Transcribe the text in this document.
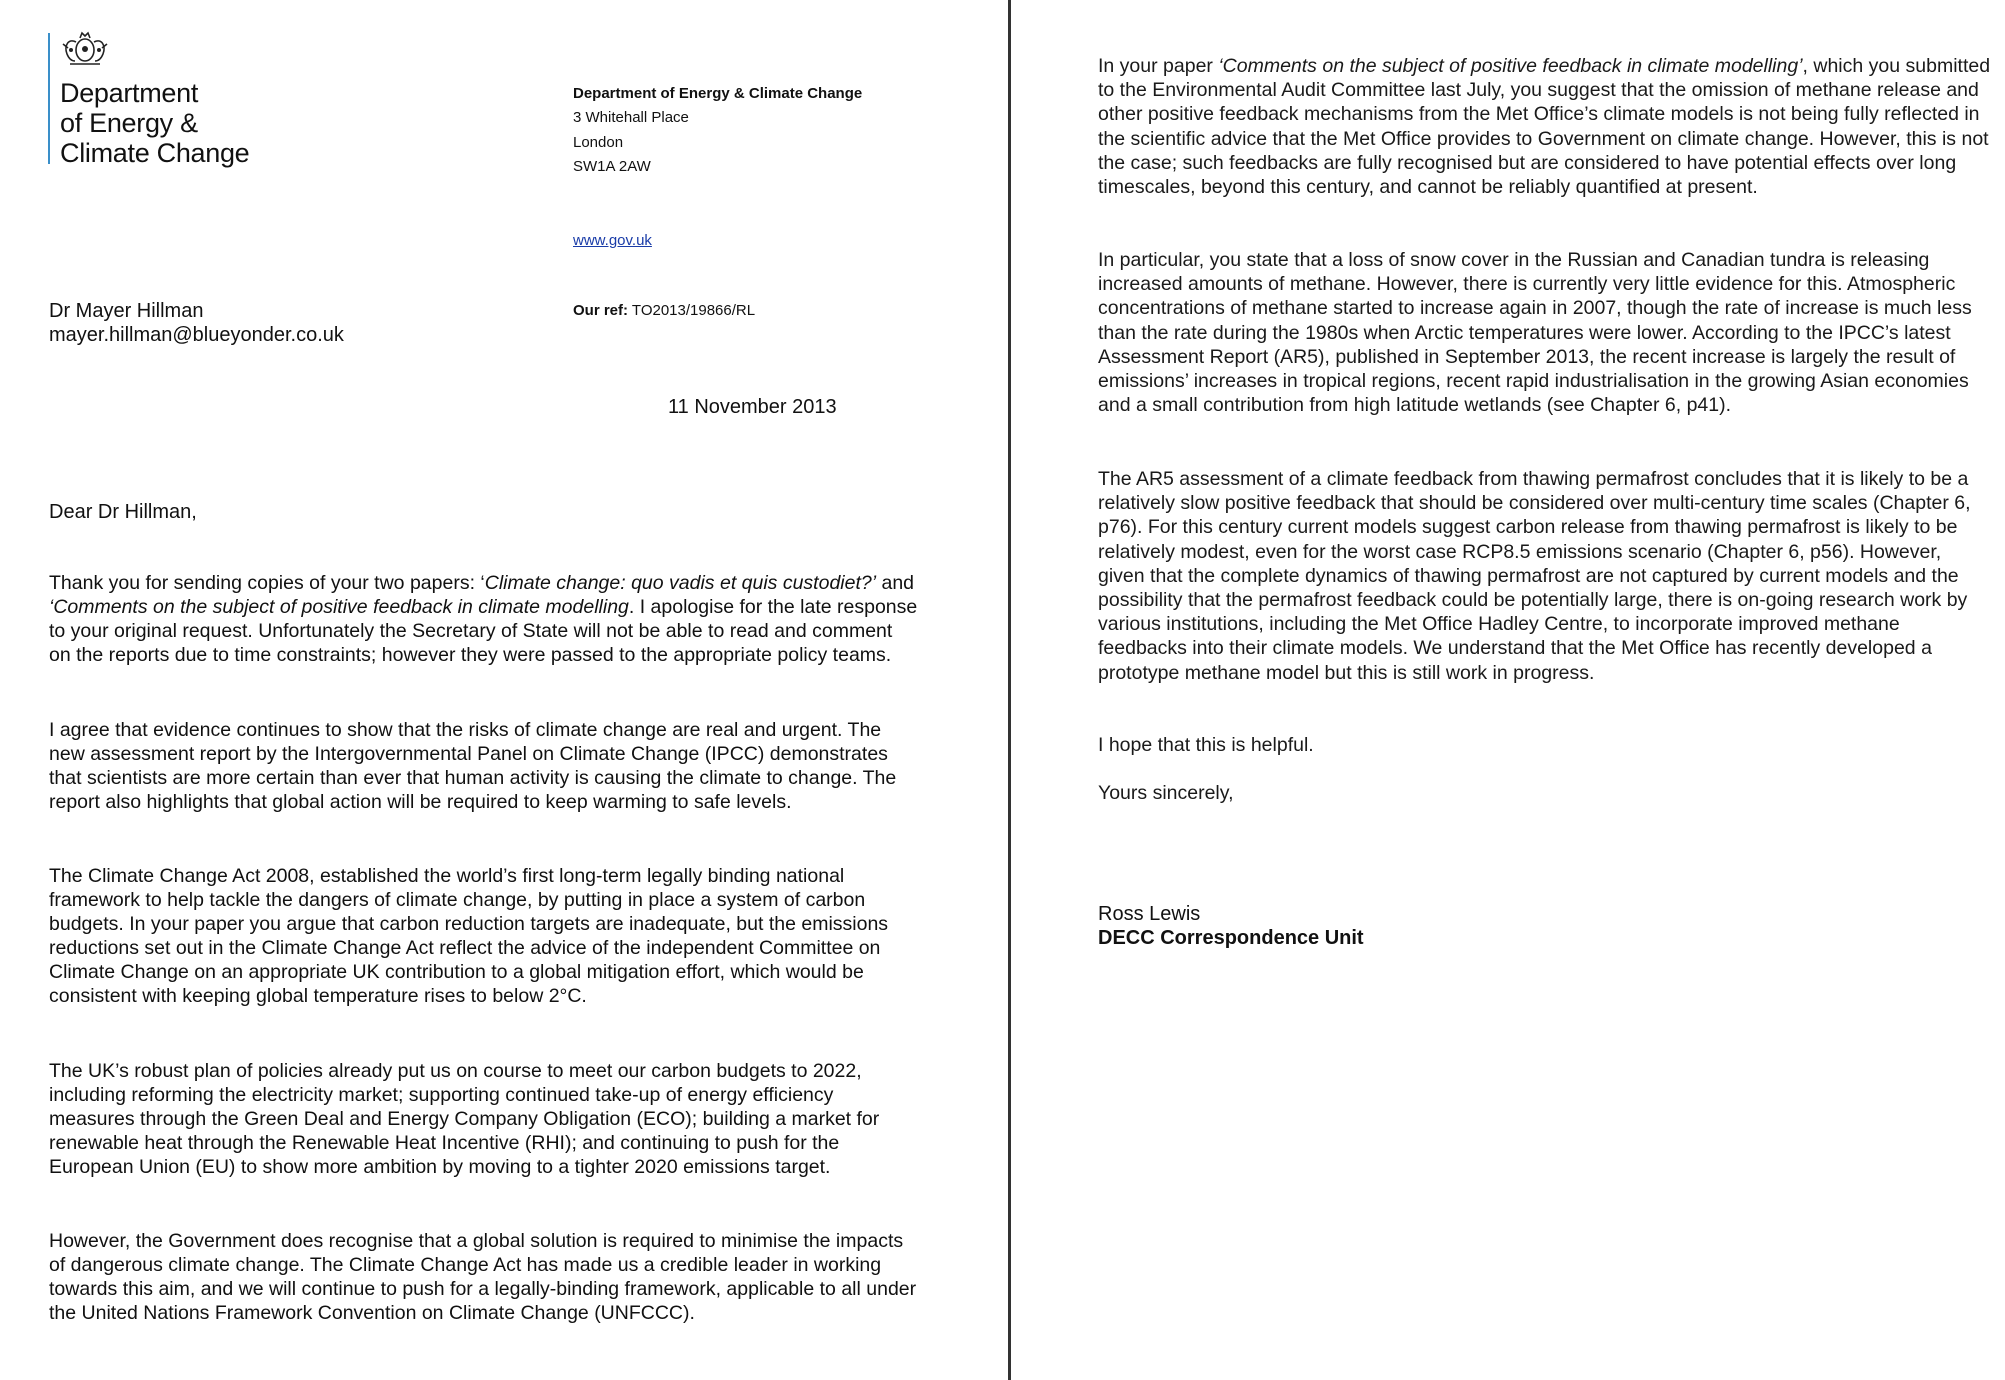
Department
of Energy &
Climate Change
Department of Energy & Climate Change
3 Whitehall Place
London
SW1A 2AW
www.gov.uk
Our ref: TO2013/19866/RL
Dr Mayer Hillman
mayer.hillman@blueyonder.co.uk
11 November 2013
Dear Dr Hillman,

Thank you for sending copies of your two papers: ‘Climate change: quo vadis et quis custodiet?’ and ‘Comments on the subject of positive feedback in climate modelling. I apologise for the late response to your original request. Unfortunately the Secretary of State will not be able to read and comment on the reports due to time constraints; however they were passed to the appropriate policy teams.

I agree that evidence continues to show that the risks of climate change are real and urgent. The new assessment report by the Intergovernmental Panel on Climate Change (IPCC) demonstrates that scientists are more certain than ever that human activity is causing the climate to change. The report also highlights that global action will be required to keep warming to safe levels.

The Climate Change Act 2008, established the world’s first long-term legally binding national framework to help tackle the dangers of climate change, by putting in place a system of carbon budgets. In your paper you argue that carbon reduction targets are inadequate, but the emissions reductions set out in the Climate Change Act reflect the advice of the independent Committee on Climate Change on an appropriate UK contribution to a global mitigation effort, which would be consistent with keeping global temperature rises to below 2°C.

The UK’s robust plan of policies already put us on course to meet our carbon budgets to 2022, including reforming the electricity market; supporting continued take-up of energy efficiency measures through the Green Deal and Energy Company Obligation (ECO); building a market for renewable heat through the Renewable Heat Incentive (RHI); and continuing to push for the European Union (EU) to show more ambition by moving to a tighter 2020 emissions target.

However, the Government does recognise that a global solution is required to minimise the impacts of dangerous climate change. The Climate Change Act has made us a credible leader in working towards this aim, and we will continue to push for a legally-binding framework, applicable to all under the United Nations Framework Convention on Climate Change (UNFCCC).

In your paper ‘Comments on the subject of positive feedback in climate modelling’, which you submitted to the Environmental Audit Committee last July, you suggest that the omission of methane release and other positive feedback mechanisms from the Met Office’s climate models is not being fully reflected in the scientific advice that the Met Office provides to Government on climate change. However, this is not the case; such feedbacks are fully recognised but are considered to have potential effects over long timescales, beyond this century, and cannot be reliably quantified at present.

In particular, you state that a loss of snow cover in the Russian and Canadian tundra is releasing increased amounts of methane. However, there is currently very little evidence for this. Atmospheric concentrations of methane started to increase again in 2007, though the rate of increase is much less than the rate during the 1980s when Arctic temperatures were lower. According to the IPCC’s latest Assessment Report (AR5), published in September 2013, the recent increase is largely the result of emissions’ increases in tropical regions, recent rapid industrialisation in the growing Asian economies and a small contribution from high latitude wetlands (see Chapter 6, p41).

The AR5 assessment of a climate feedback from thawing permafrost concludes that it is likely to be a relatively slow positive feedback that should be considered over multi-century time scales (Chapter 6, p76). For this century current models suggest carbon release from thawing permafrost is likely to be relatively modest, even for the worst case RCP8.5 emissions scenario (Chapter 6, p56). However, given that the complete dynamics of thawing permafrost are not captured by current models and the possibility that the permafrost feedback could be potentially large, there is on-going research work by various institutions, including the Met Office Hadley Centre, to incorporate improved methane feedbacks into their climate models. We understand that the Met Office has recently developed a prototype methane model but this is still work in progress.

I hope that this is helpful.

Yours sincerely,

Ross Lewis
DECC Correspondence Unit
